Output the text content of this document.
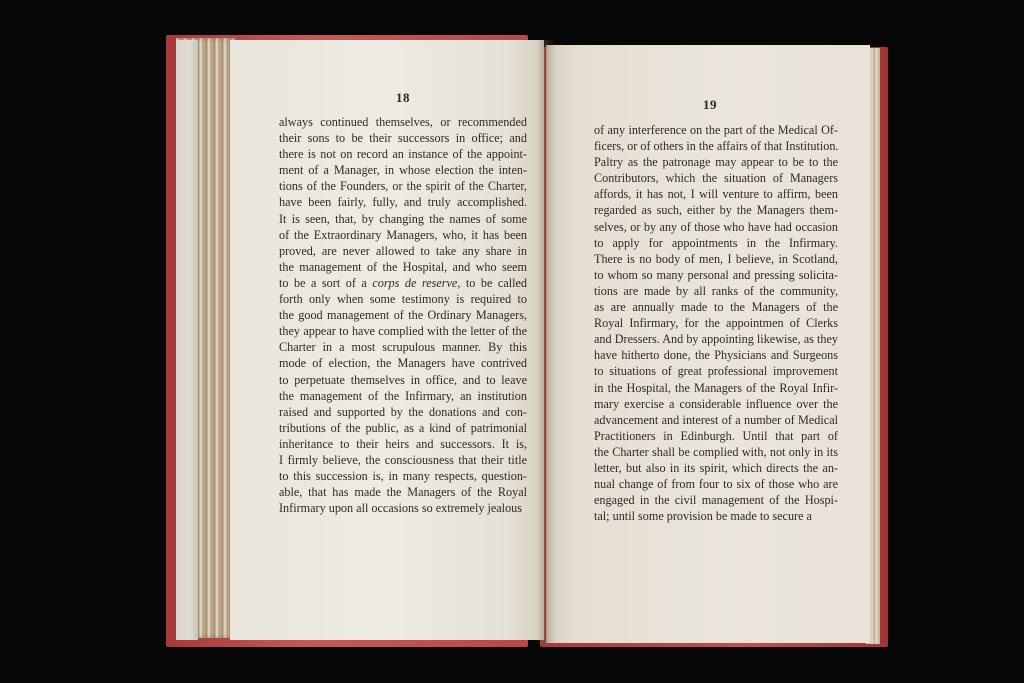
18
always continued themselves, or recommended
their sons to be their successors in office; and
there is not on record an instance of the appoint-
ment of a Manager, in whose election the inten-
tions of the Founders, or the spirit of the Charter,
have been fairly, fully, and truly accomplished.
It is seen, that, by changing the names of some
of the Extraordinary Managers, who, it has been
proved, are never allowed to take any share in
the management of the Hospital, and who seem
to be a sort of a corps de reserve, to be called
forth only when some testimony is required to
the good management of the Ordinary Managers,
they appear to have complied with the letter of the
Charter in a most scrupulous manner. By this
mode of election, the Managers have contrived
to perpetuate themselves in office, and to leave
the management of the Infirmary, an institution
raised and supported by the donations and con-
tributions of the public, as a kind of patrimonial
inheritance to their heirs and successors. It is,
I firmly believe, the consciousness that their title
to this succession is, in many respects, question-
able, that has made the Managers of the Royal
Infirmary upon all occasions so extremely jealous
19
of any interference on the part of the Medical Of-
ficers, or of others in the affairs of that Institution.
Paltry as the patronage may appear to be to the
Contributors, which the situation of Managers
affords, it has not, I will venture to affirm, been
regarded as such, either by the Managers them-
selves, or by any of those who have had occasion
to apply for appointments in the Infirmary.
There is no body of men, I believe, in Scotland,
to whom so many personal and pressing solicita-
tions are made by all ranks of the community,
as are annually made to the Managers of the
Royal Infirmary, for the appointmen of Clerks
and Dressers. And by appointing likewise, as they
have hitherto done, the Physicians and Surgeons
to situations of great professional improvement
in the Hospital, the Managers of the Royal Infir-
mary exercise a considerable influence over the
advancement and interest of a number of Medical
Practitioners in Edinburgh. Until that part of
the Charter shall be complied with, not only in its
letter, but also in its spirit, which directs the an-
nual change of from four to six of those who are
engaged in the civil management of the Hospi-
tal; until some provision be made to secure a
